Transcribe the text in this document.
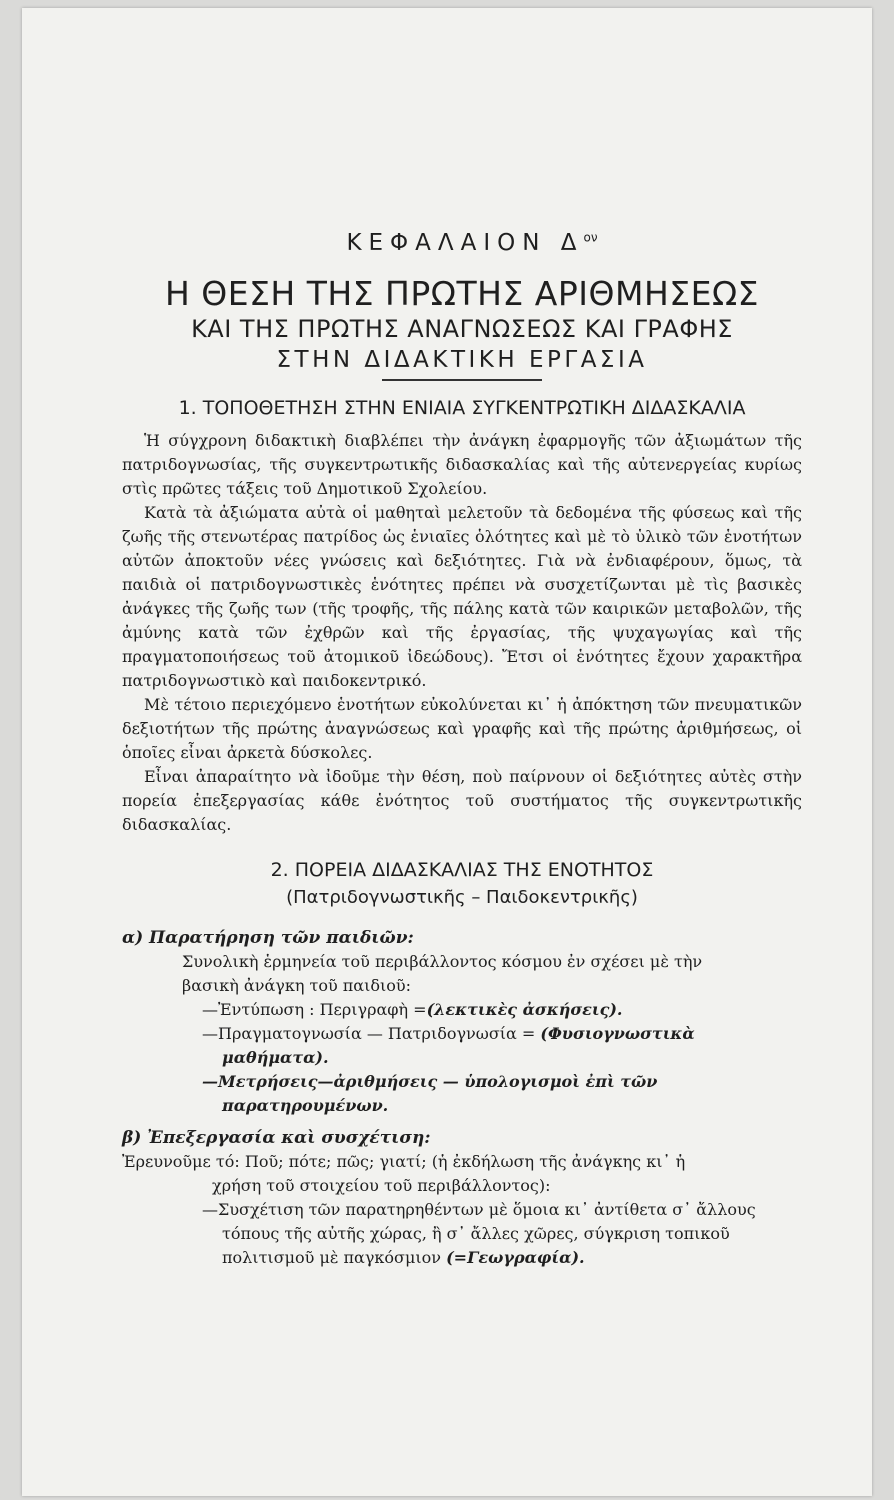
ΚΕΦΑΛΑΙΟΝ $\Delta^{o\nu}$
Η ΘΕΣΗ ΤΗΣ ΠΡΩΤΗΣ ΑΡΙΘΜΗΣΕΩΣ
ΚΑΙ ΤΗΣ ΠΡΩΤΗΣ ΑΝΑΓΝΩΣΕΩΣ ΚΑΙ ΓΡΑΦΗΣ
ΣΤΗΝ ΔΙΔΑΚΤΙΚΗ ΕΡΓΑΣΙΑ
1. ΤΟΠΟΘΕΤΗΣΗ ΣΤΗΝ ΕΝΙΑΙΑ ΣΥΓΚΕΝΤΡΩΤΙΚΗ ΔΙΔΑΣΚΑΛΙΑ

Ἡ σύγχρονη διδακτικὴ διαβλέπει τὴν ἀνάγκη ἐφαρμογῆς τῶν ἀξιωμάτων τῆς πατριδογνωσίας, τῆς συγκεντρωτικῆς διδασκαλίας καὶ τῆς αὐτενεργείας κυρίως στὶς πρῶτες τάξεις τοῦ Δημοτικοῦ Σχολείου.

Κατὰ τὰ ἀξιώματα αὐτὰ οἱ μαθηταὶ μελετοῦν τὰ δεδομένα τῆς φύσεως καὶ τῆς ζωῆς τῆς στενωτέρας πατρίδος ὡς ἑνιαῖες ὁλότητες καὶ μὲ τὸ ὑλικὸ τῶν ἑνοτήτων αὐτῶν ἀποκτοῦν νέες γνώσεις καὶ δεξιότητες. Γιὰ νὰ ἐνδιαφέρουν, ὅμως, τὰ παιδιὰ οἱ πατριδογνωστικὲς ἑνότητες πρέπει νὰ συσχετίζωνται μὲ τὶς βασικὲς ἀνάγκες τῆς ζωῆς των (τῆς τροφῆς, τῆς πάλης κατὰ τῶν καιρικῶν μεταβολῶν, τῆς ἀμύνης κατὰ τῶν ἐχθρῶν καὶ τῆς ἐργασίας, τῆς ψυχαγωγίας καὶ τῆς πραγματοποιήσεως τοῦ ἀτομικοῦ ἰδεώδους). Ἔτσι οἱ ἑνότητες ἔχουν χαρακτῆρα πατριδογνωστικὸ καὶ παιδοκεντρικό.

Μὲ τέτοιο περιεχόμενο ἑνοτήτων εὐκολύνεται κι᾿ ἡ ἀπόκτηση τῶν πνευματικῶν δεξιοτήτων τῆς πρώτης ἀναγνώσεως καὶ γραφῆς καὶ τῆς πρώτης ἀριθμήσεως, οἱ ὁποῖες εἶναι ἀρκετὰ δύσκολες.

Εἶναι ἀπαραίτητο νὰ ἰδοῦμε τὴν θέση, ποὺ παίρνουν οἱ δεξιότητες αὐτὲς στὴν πορεία ἐπεξεργασίας κάθε ἑνότητος τοῦ συστήματος τῆς συγκεντρωτικῆς διδασκαλίας.

2. ΠΟΡΕΙΑ ΔΙΔΑΣΚΑΛΙΑΣ ΤΗΣ ΕΝΟΤΗΤΟΣ
(Πατριδογνωστικῆς – Παιδοκεντρικῆς)
α) Παρατήρηση τῶν παιδιῶν:
Συνολικὴ ἑρμηνεία τοῦ περιβάλλοντος κόσμου ἐν σχέσει μὲ τὴν
βασικὴ ἀνάγκη τοῦ παιδιοῦ:
—Ἐντύπωση : Περιγραφὴ =(λεκτικὲς ἀσκήσεις).
—Πραγματογνωσία — Πατριδογνωσία = (Φυσιογνωστικὰ μαθήματα).
—Μετρήσεις—ἀριθμήσεις — ὑπολογισμοὶ ἐπὶ τῶν παρατηρουμένων.
β) Ἐπεξεργασία καὶ συσχέτιση:
Ἐρευνοῦμε τό: Ποῦ; πότε; πῶς; γιατί; (ἡ ἐκδήλωση τῆς ἀνάγκης κι᾿ ἡ
χρήση τοῦ στοιχείου τοῦ περιβάλλοντος):
—Συσχέτιση τῶν παρατηρηθέντων μὲ ὅμοια κι᾿ ἀντίθετα σ᾿ ἄλλους τόπους τῆς αὐτῆς χώρας, ἢ σ᾿ ἄλλες χῶρες, σύγκριση τοπικοῦ πολιτισμοῦ μὲ παγκόσμιον (=Γεωγραφία).
